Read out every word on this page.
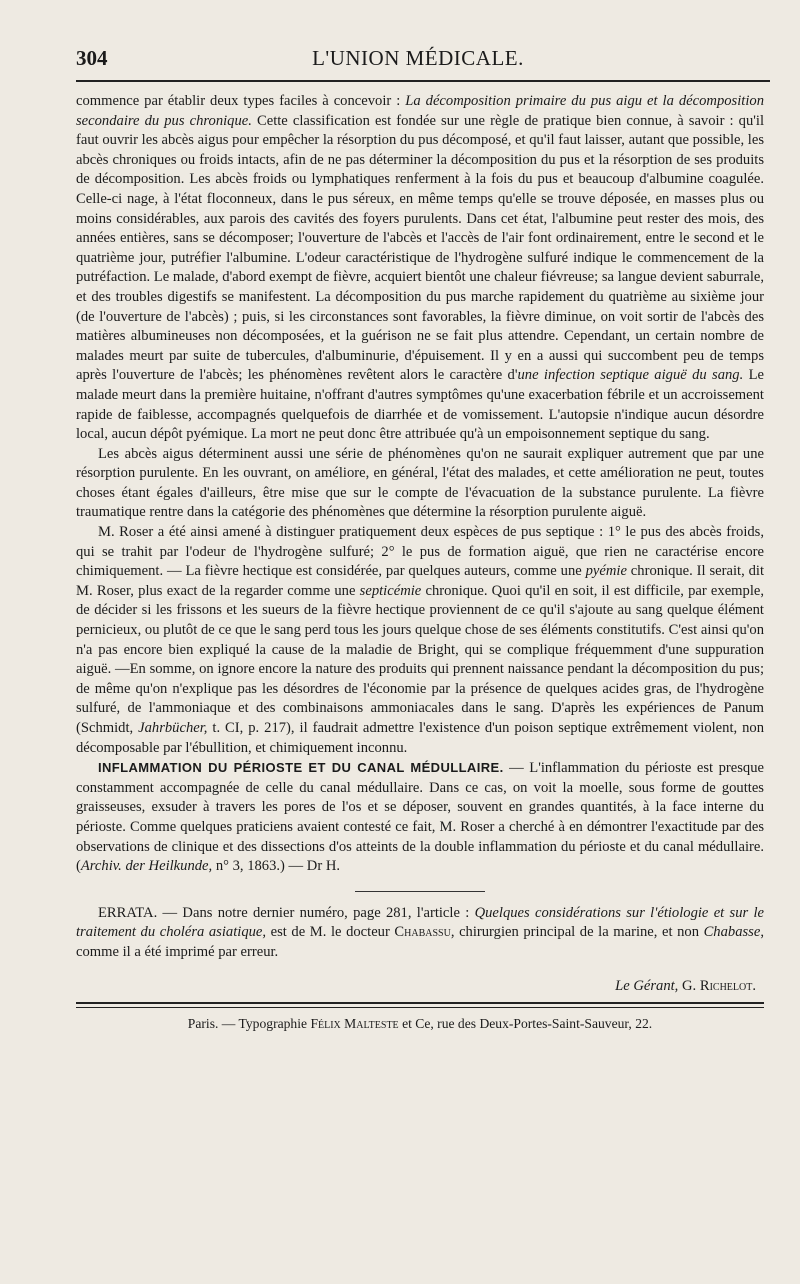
304	L'UNION MÉDICALE.

commence par établir deux types faciles à concevoir : La décomposition primaire du pus aigu et la décomposition secondaire du pus chronique. Cette classification est fondée sur une règle de pratique bien connue, à savoir : qu'il faut ouvrir les abcès aigus pour empêcher la résorption du pus décomposé, et qu'il faut laisser, autant que possible, les abcès chroniques ou froids intacts, afin de ne pas déterminer la décomposition du pus et la résorption de ses produits de décomposition. Les abcès froids ou lymphatiques renferment à la fois du pus et beaucoup d'albumine coagulée. Celle-ci nage, à l'état floconneux, dans le pus séreux, en même temps qu'elle se trouve déposée, en masses plus ou moins considérables, aux parois des cavités des foyers purulents. Dans cet état, l'albumine peut rester des mois, des années entières, sans se décomposer; l'ouverture de l'abcès et l'accès de l'air font ordinairement, entre le second et le quatrième jour, putréfier l'albumine. L'odeur caractéristique de l'hydrogène sulfuré indique le commencement de la putréfaction. Le malade, d'abord exempt de fièvre, acquiert bientôt une chaleur fiévreuse; sa langue devient saburrale, et des troubles digestifs se manifestent. La décomposition du pus marche rapidement du quatrième au sixième jour (de l'ouverture de l'abcès) ; puis, si les circonstances sont favorables, la fièvre diminue, on voit sortir de l'abcès des matières albumineuses non décomposées, et la guérison ne se fait plus attendre. Cependant, un certain nombre de malades meurt par suite de tubercules, d'albuminurie, d'épuisement. Il y en a aussi qui succombent peu de temps après l'ouverture de l'abcès; les phénomènes revêtent alors le caractère d'une infection septique aiguë du sang. Le malade meurt dans la première huitaine, n'offrant d'autres symptômes qu'une exacerbation fébrile et un accroissement rapide de faiblesse, accompagnés quelquefois de diarrhée et de vomissement. L'autopsie n'indique aucun désordre local, aucun dépôt pyémique. La mort ne peut donc être attribuée qu'à un empoisonnement septique du sang.

Les abcès aigus déterminent aussi une série de phénomènes qu'on ne saurait expliquer autrement que par une résorption purulente. En les ouvrant, on améliore, en général, l'état des malades, et cette amélioration ne peut, toutes choses étant égales d'ailleurs, être mise que sur le compte de l'évacuation de la substance purulente. La fièvre traumatique rentre dans la catégorie des phénomènes que détermine la résorption purulente aiguë.

M. Roser a été ainsi amené à distinguer pratiquement deux espèces de pus septique : 1° le pus des abcès froids, qui se trahit par l'odeur de l'hydrogène sulfuré; 2° le pus de formation aiguë, que rien ne caractérise encore chimiquement. — La fièvre hectique est considérée, par quelques auteurs, comme une pyémie chronique. Il serait, dit M. Roser, plus exact de la regarder comme une septicémie chronique. Quoi qu'il en soit, il est difficile, par exemple, de décider si les frissons et les sueurs de la fièvre hectique proviennent de ce qu'il s'ajoute au sang quelque élément pernicieux, ou plutôt de ce que le sang perd tous les jours quelque chose de ses éléments constitutifs. C'est ainsi qu'on n'a pas encore bien expliqué la cause de la maladie de Bright, qui se complique fréquemment d'une suppuration aiguë. —En somme, on ignore encore la nature des produits qui prennent naissance pendant la décomposition du pus; de même qu'on n'explique pas les désordres de l'économie par la présence de quelques acides gras, de l'hydrogène sulfuré, de l'ammoniaque et des combinaisons ammoniacales dans le sang. D'après les expériences de Panum (Schmidt, Jahrbücher, t. CI, p. 217), il faudrait admettre l'existence d'un poison septique extrêmement violent, non décomposable par l'ébullition, et chimiquement inconnu.

INFLAMMATION DU PÉRIOSTE ET DU CANAL MÉDULLAIRE. — L'inflammation du périoste est presque constamment accompagnée de celle du canal médullaire. Dans ce cas, on voit la moelle, sous forme de gouttes graisseuses, exsuder à travers les pores de l'os et se déposer, souvent en grandes quantités, à la face interne du périoste. Comme quelques praticiens avaient contesté ce fait, M. Roser a cherché à en démontrer l'exactitude par des observations de clinique et des dissections d'os atteints de la double inflammation du périoste et du canal médullaire. (Archiv. der Heilkunde, n° 3, 1863.) — Dr H.

ERRATA. — Dans notre dernier numéro, page 281, l'article : Quelques considérations sur l'étiologie et sur le traitement du choléra asiatique, est de M. le docteur Chabassu, chirurgien principal de la marine, et non Chabasse, comme il a été imprimé par erreur.

Le Gérant, G. Richelot.
Paris. — Typographie Félix Malteste et Ce, rue des Deux-Portes-Saint-Sauveur, 22.
